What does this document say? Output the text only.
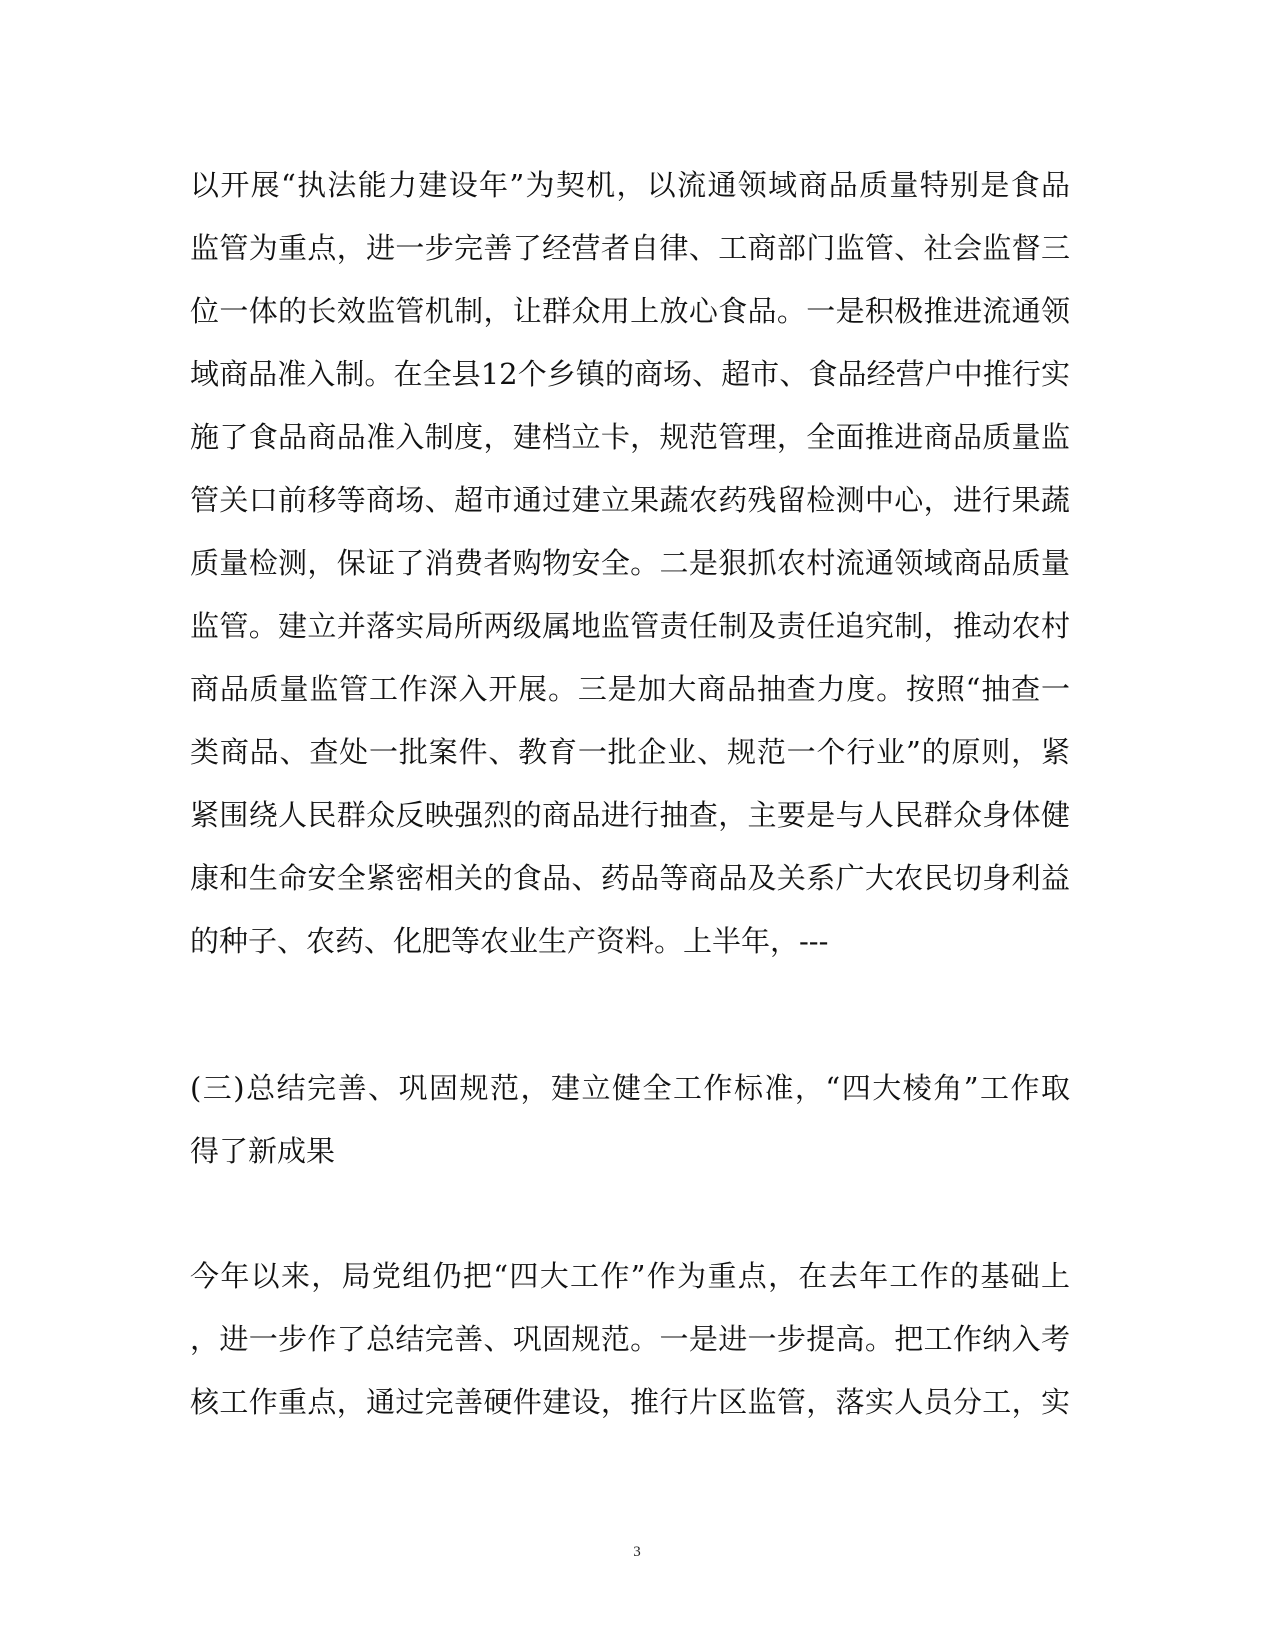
以开展“执法能力建设年”为契机，以流通领域商品质量特别是食品
监管为重点，进一步完善了经营者自律、工商部门监管、社会监督三
位一体的长效监管机制，让群众用上放心食品。一是积极推进流通领
域商品准入制。在全县12个乡镇的商场、超市、食品经营户中推行实
施了食品商品准入制度，建档立卡，规范管理，全面推进商品质量监
管关口前移等商场、超市通过建立果蔬农药残留检测中心，进行果蔬
质量检测，保证了消费者购物安全。二是狠抓农村流通领域商品质量
监管。建立并落实局所两级属地监管责任制及责任追究制，推动农村
商品质量监管工作深入开展。三是加大商品抽查力度。按照“抽查一
类商品、查处一批案件、教育一批企业、规范一个行业”的原则，紧
紧围绕人民群众反映强烈的商品进行抽查，主要是与人民群众身体健
康和生命安全紧密相关的食品、药品等商品及关系广大农民切身利益
的种子、农药、化肥等农业生产资料。上半年，---
(三)总结完善、巩固规范，建立健全工作标准，“四大棱角”工作取
得了新成果
今年以来，局党组仍把“四大工作”作为重点，在去年工作的基础上
，进一步作了总结完善、巩固规范。一是进一步提高。把工作纳入考
核工作重点，通过完善硬件建设，推行片区监管，落实人员分工，实
3
